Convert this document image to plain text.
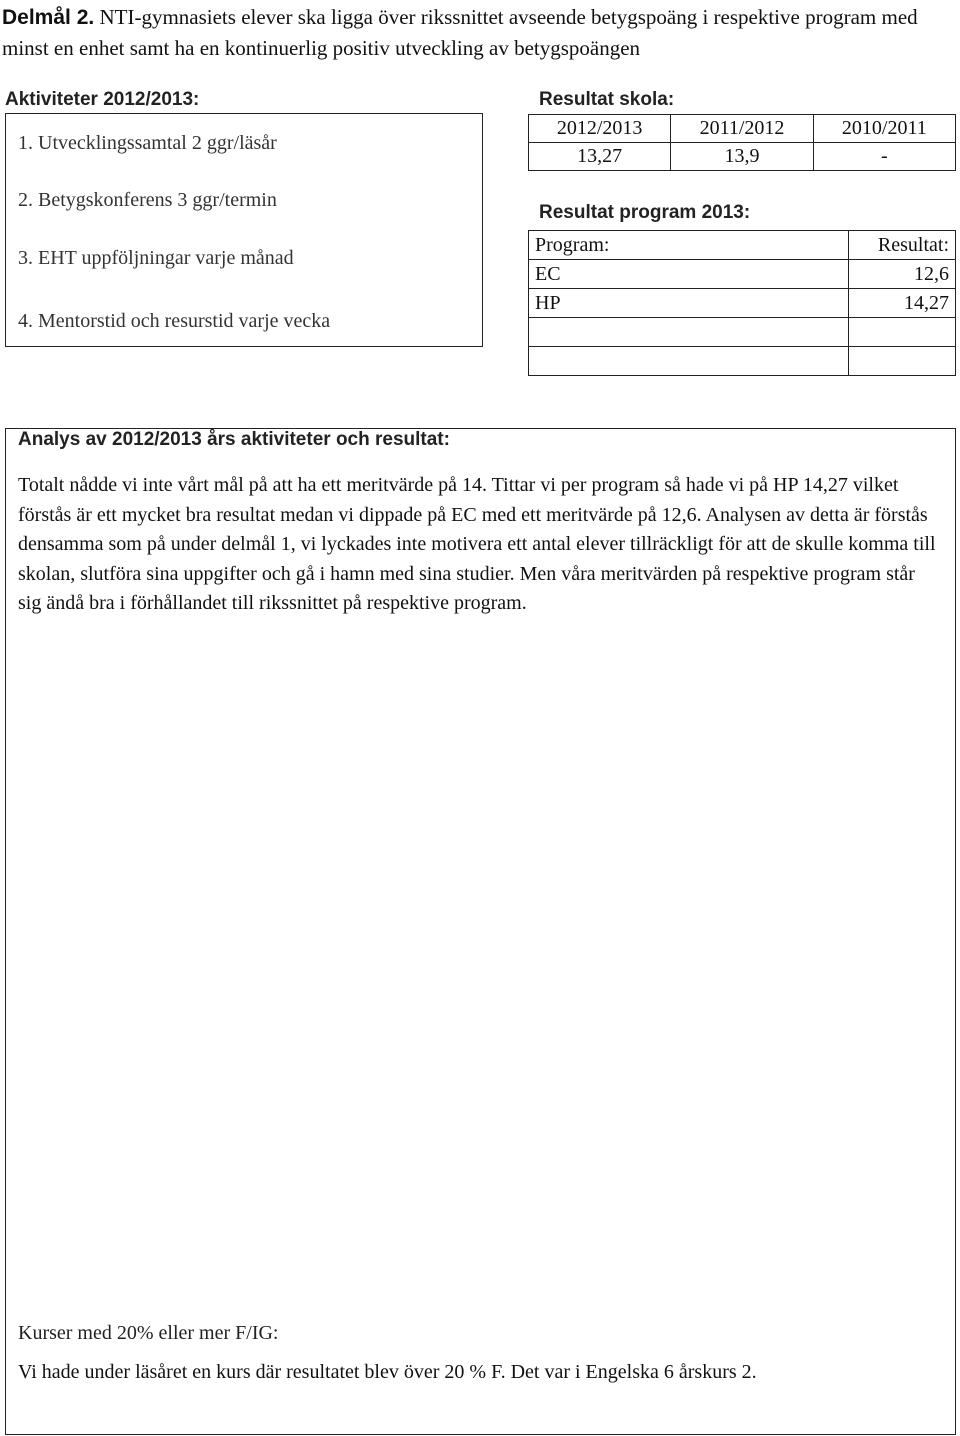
Delmål 2. NTI-gymnasiets elever ska ligga över rikssnittet avseende betygspoäng i respektive program med minst en enhet samt ha en kontinuerlig positiv utveckling av betygspoängen
Aktiviteter 2012/2013:
1. Utvecklingssamtal 2 ggr/läsår
2. Betygskonferens 3 ggr/termin
3. EHT uppföljningar varje månad
4. Mentorstid och resurstid varje vecka
Resultat skola:
2012/2013	2011/2012	2010/2011
13,27	13,9	-
Resultat program 2013:
Program:	Resultat:
EC	12,6
HP	14,27

Analys av 2012/2013 års aktiviteter och resultat:
Totalt nådde vi inte vårt mål på att ha ett meritvärde på 14. Tittar vi per program så hade vi på HP 14,27 vilket förstås är ett mycket bra resultat medan vi dippade på EC med ett meritvärde på 12,6. Analysen av detta är förstås densamma som på under delmål 1, vi lyckades inte motivera ett antal elever tillräckligt för att de skulle komma till skolan, slutföra sina uppgifter och gå i hamn med sina studier. Men våra meritvärden på respektive program står sig ändå bra i förhållandet till rikssnittet på respektive program.
Kurser med 20% eller mer F/IG:
Vi hade under läsåret en kurs där resultatet blev över 20 % F. Det var i Engelska 6 årskurs 2.
